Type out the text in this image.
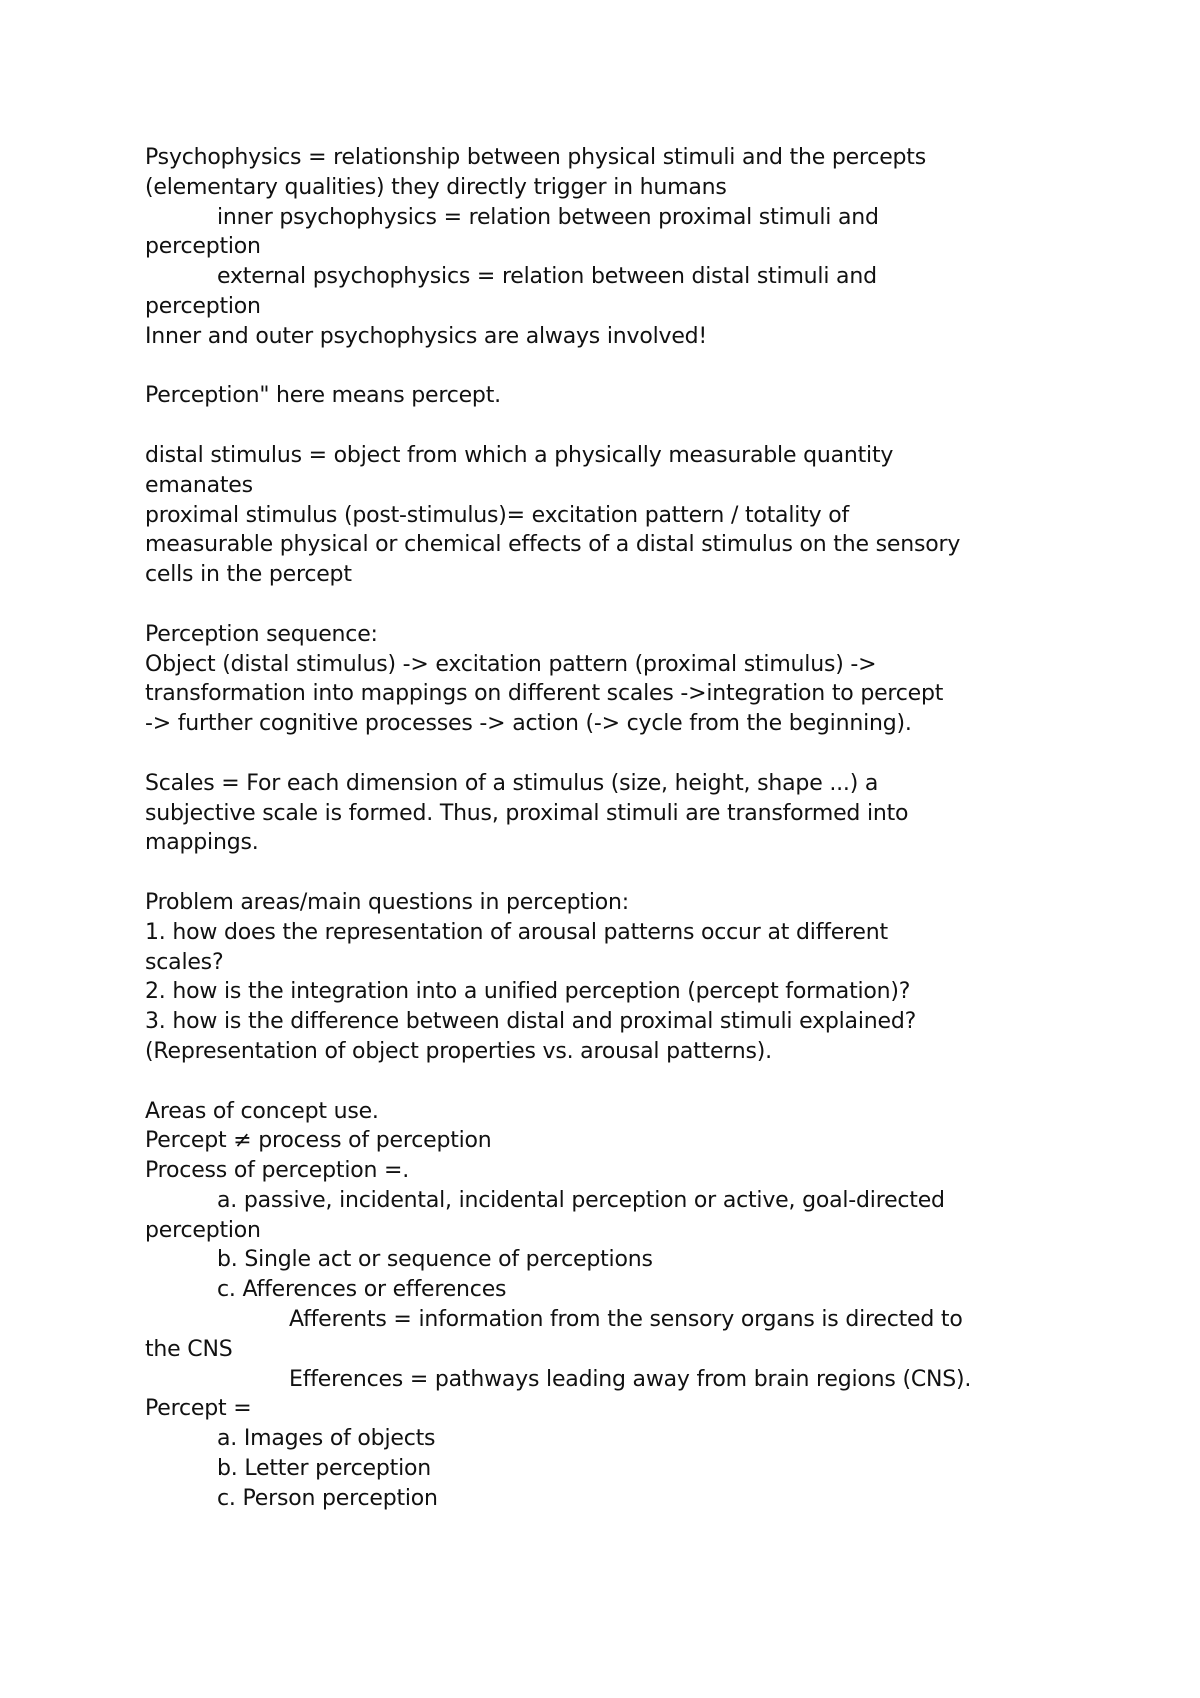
Psychophysics = relationship between physical stimuli and the percepts
(elementary qualities) they directly trigger in humans
inner psychophysics = relation between proximal stimuli and
perception
external psychophysics = relation between distal stimuli and
perception
Inner and outer psychophysics are always involved!
Perception" here means percept.
distal stimulus = object from which a physically measurable quantity
emanates
proximal stimulus (post-stimulus)= excitation pattern / totality of
measurable physical or chemical effects of a distal stimulus on the sensory
cells in the percept
Perception sequence:
Object (distal stimulus) -> excitation pattern (proximal stimulus) ->
transformation into mappings on different scales ->integration to percept
-> further cognitive processes -> action (-> cycle from the beginning).
Scales = For each dimension of a stimulus (size, height, shape ...) a
subjective scale is formed. Thus, proximal stimuli are transformed into
mappings.
Problem areas/main questions in perception:
1. how does the representation of arousal patterns occur at different
scales?
2. how is the integration into a unified perception (percept formation)?
3. how is the difference between distal and proximal stimuli explained?
(Representation of object properties vs. arousal patterns).
Areas of concept use.
Percept ≠ process of perception
Process of perception =.
a. passive, incidental, incidental perception or active, goal-directed
perception
b. Single act or sequence of perceptions
c. Afferences or efferences
Afferents = information from the sensory organs is directed to
the CNS
Efferences = pathways leading away from brain regions (CNS).
Percept =
a. Images of objects
b. Letter perception
c. Person perception
